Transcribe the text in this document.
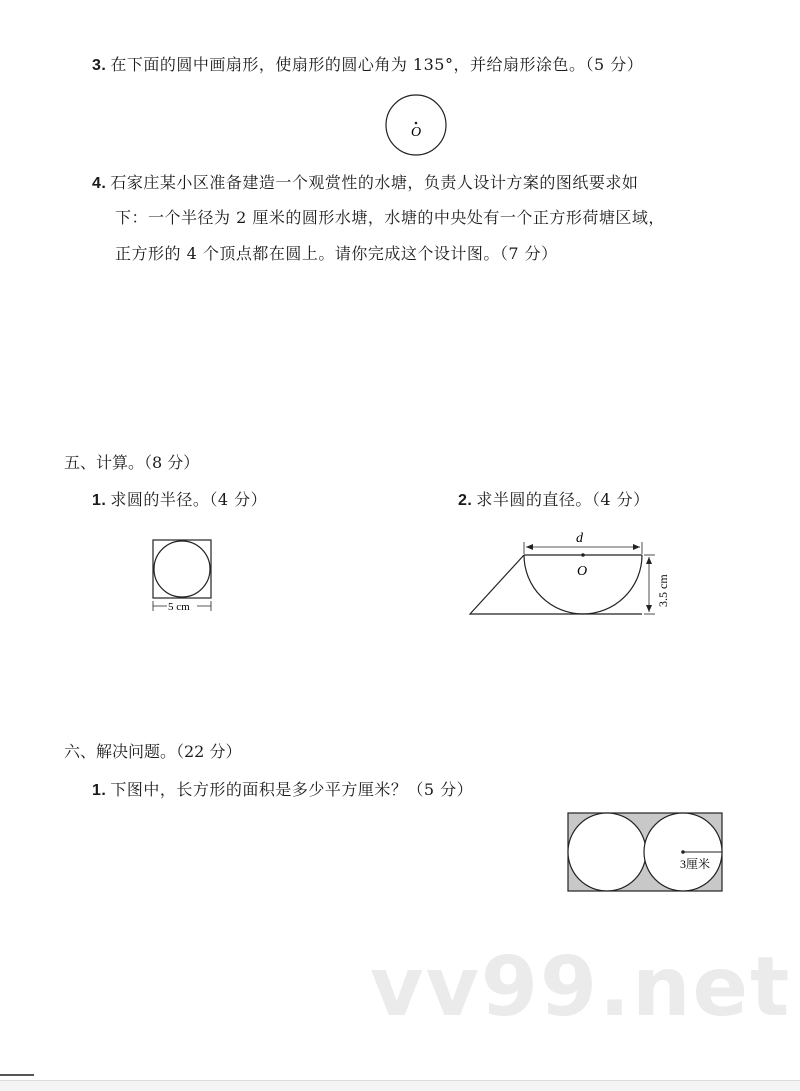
3. 在下面的圆中画扇形，使扇形的圆心角为 135°，并给扇形涂色。（5 分）
O
4. 石家庄某小区准备建造一个观赏性的水塘，负责人设计方案的图纸要求如
下：一个半径为 2 厘米的圆形水塘，水塘的中央处有一个正方形荷塘区域，
正方形的 4 个顶点都在圆上。请你完成这个设计图。（7 分）
五、计算。（8 分）
1. 求圆的半径。（4 分）
5 cm
2. 求半圆的直径。（4 分）
d
O
3.5 cm
六、解决问题。（22 分）
1. 下图中，长方形的面积是多少平方厘米？（5 分）
3厘米
vv99.net
